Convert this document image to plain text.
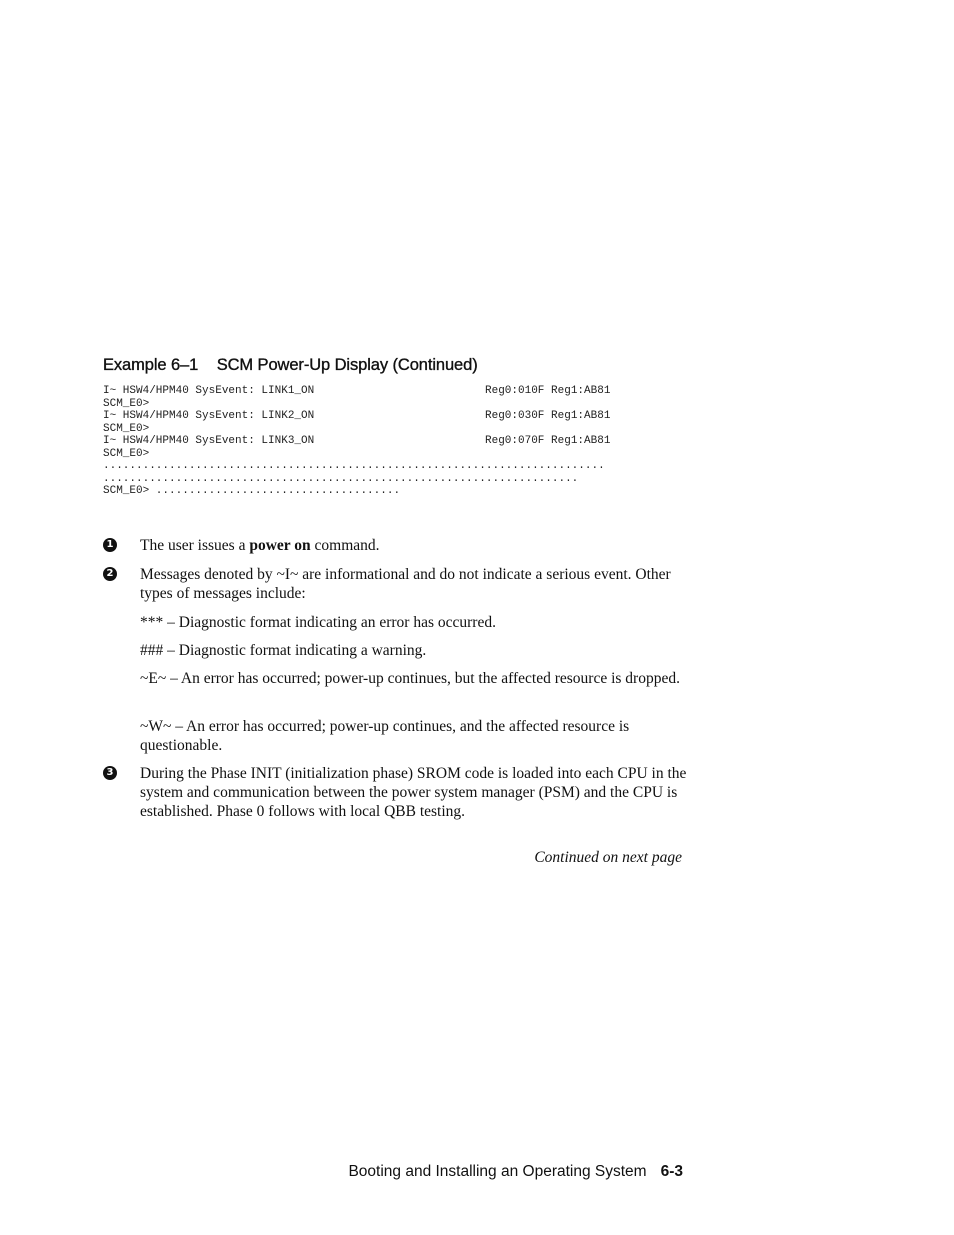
Example 6–1 SCM Power-Up Display (Continued)
I~ HSW4/HPM40 SysEvent: LINK1_ON	Reg0:010F Reg1:AB81
SCM_E0>
I~ HSW4/HPM40 SysEvent: LINK2_ON	Reg0:030F Reg1:AB81
SCM_E0>
I~ HSW4/HPM40 SysEvent: LINK3_ON	Reg0:070F Reg1:AB81
SCM_E0>
............................................................................
........................................................................
SCM_E0> .....................................
1 The user issues a power on command.
2 Messages denoted by ~I~ are informational and do not indicate a serious event. Other types of messages include:
*** – Diagnostic format indicating an error has occurred.
### – Diagnostic format indicating a warning.
~E~ – An error has occurred; power-up continues, but the affected resource is dropped.
~W~ – An error has occurred; power-up continues, and the affected resource is questionable.
3 During the Phase INIT (initialization phase) SROM code is loaded into each CPU in the system and communication between the power system manager (PSM) and the CPU is established. Phase 0 follows with local QBB testing.
Continued on next page
Booting and Installing an Operating System 6-3
